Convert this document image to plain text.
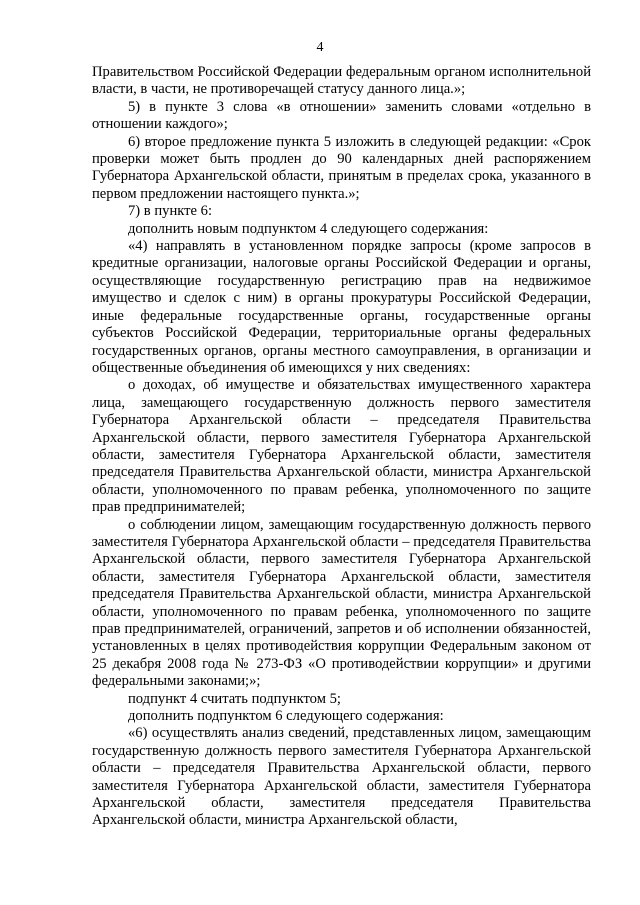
4

Правительством Российской Федерации федеральным органом исполнительной власти, в части, не противоречащей статусу данного лица.»;

5) в пункте 3 слова «в отношении» заменить словами «отдельно в отношении каждого»;

6) второе предложение пункта 5 изложить в следующей редакции: «Срок проверки может быть продлен до 90 календарных дней распоряжением Губернатора Архангельской области, принятым в пределах срока, указанного в первом предложении настоящего пункта.»;

7) в пункте 6:

дополнить новым подпунктом 4 следующего содержания:

«4) направлять в установленном порядке запросы (кроме запросов в кредитные организации, налоговые органы Российской Федерации и органы, осуществляющие государственную регистрацию прав на недвижимое имущество и сделок с ним) в органы прокуратуры Российской Федерации, иные федеральные государственные органы, государственные органы субъектов Российской Федерации, территориальные органы федеральных государственных органов, органы местного самоуправления, в организации и общественные объединения об имеющихся у них сведениях:

о доходах, об имуществе и обязательствах имущественного характера лица, замещающего государственную должность первого заместителя Губернатора Архангельской области – председателя Правительства Архангельской области, первого заместителя Губернатора Архангельской области, заместителя Губернатора Архангельской области, заместителя председателя Правительства Архангельской области, министра Архангельской области, уполномоченного по правам ребенка, уполномоченного по защите прав предпринимателей;

о соблюдении лицом, замещающим государственную должность первого заместителя Губернатора Архангельской области – председателя Правительства Архангельской области, первого заместителя Губернатора Архангельской области, заместителя Губернатора Архангельской области, заместителя председателя Правительства Архангельской области, министра Архангельской области, уполномоченного по правам ребенка, уполномоченного по защите прав предпринимателей, ограничений, запретов и об исполнении обязанностей, установленных в целях противодействия коррупции Федеральным законом от 25 декабря 2008 года № 273-ФЗ «О противодействии коррупции» и другими федеральными законами;»;

подпункт 4 считать подпунктом 5;

дополнить подпунктом 6 следующего содержания:

«6) осуществлять анализ сведений, представленных лицом, замещающим государственную должность первого заместителя Губернатора Архангельской области – председателя Правительства Архангельской области, первого заместителя Губернатора Архангельской области, заместителя Губернатора Архангельской области, заместителя председателя Правительства Архангельской области, министра Архангельской области,
